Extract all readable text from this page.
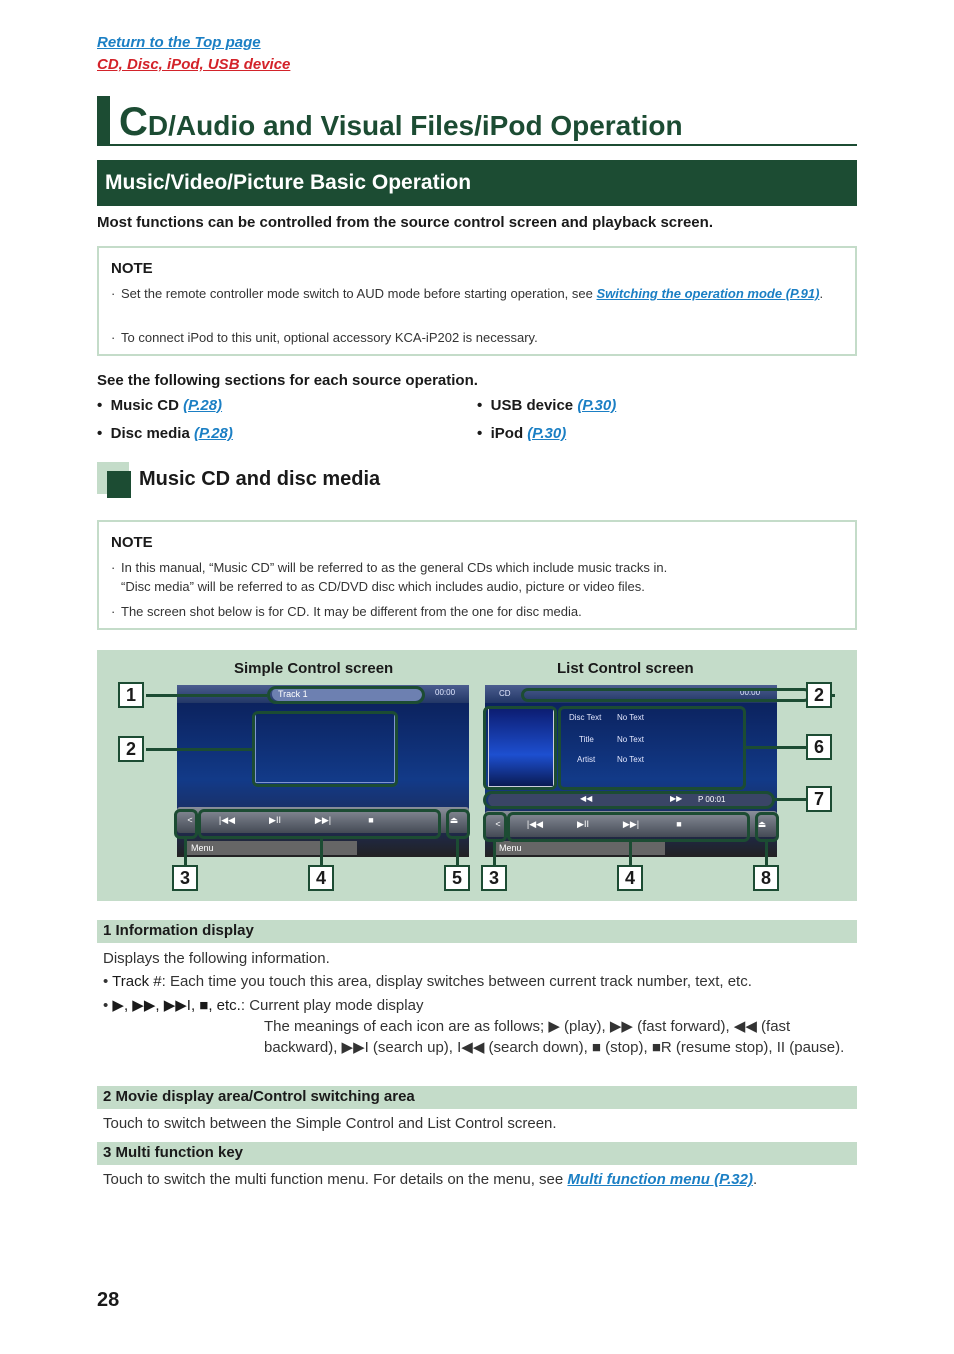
Return to the Top page
CD, Disc, iPod, USB device
CD/Audio and Visual Files/iPod Operation
Music/Video/Picture Basic Operation
Most functions can be controlled from the source control screen and playback screen.
NOTE
· Set the remote controller mode switch to AUD mode before starting operation, see Switching the operation mode (P.91).
· To connect iPod to this unit, optional accessory KCA-iP202 is necessary.
See the following sections for each source operation.
• Music CD (P.28)
• Disc media (P.28)
• USB device (P.30)
• iPod (P.30)
Music CD and disc media
NOTE
· In this manual, “Music CD” will be referred to as the general CDs which include music tracks in.
“Disc media” will be referred to as CD/DVD disc which includes audio, picture or video files.
· The screen shot below is for CD. It may be different from the one for disc media.
Simple Control screen	List Control screen
Track 1	00:00
<	|◀◀	▶II	▶▶|	■	⏏
Menu
CD	00:00
Disc Text No Text
Title	No Text
Artist	No Text
◀◀	▶▶ P 00:01
<	|◀◀	▶II	▶▶|	■	⏏
Menu
1
2
3	4	5
2
6
7
3	4	8
1 Information display
Displays the following information.
• Track #: Each time you touch this area, display switches between current track number, text, etc.
• ▶, ▶▶, ▶▶I, ■, etc.: Current play mode display
The meanings of each icon are as follows; ▶ (play), ▶▶ (fast forward), ◀◀ (fast backward), ▶▶I (search up), I◀◀ (search down), ■ (stop), ■R (resume stop), II (pause).
2 Movie display area/Control switching area
Touch to switch between the Simple Control and List Control screen.
3 Multi function key
Touch to switch the multi function menu. For details on the menu, see Multi function menu (P.32).
28
